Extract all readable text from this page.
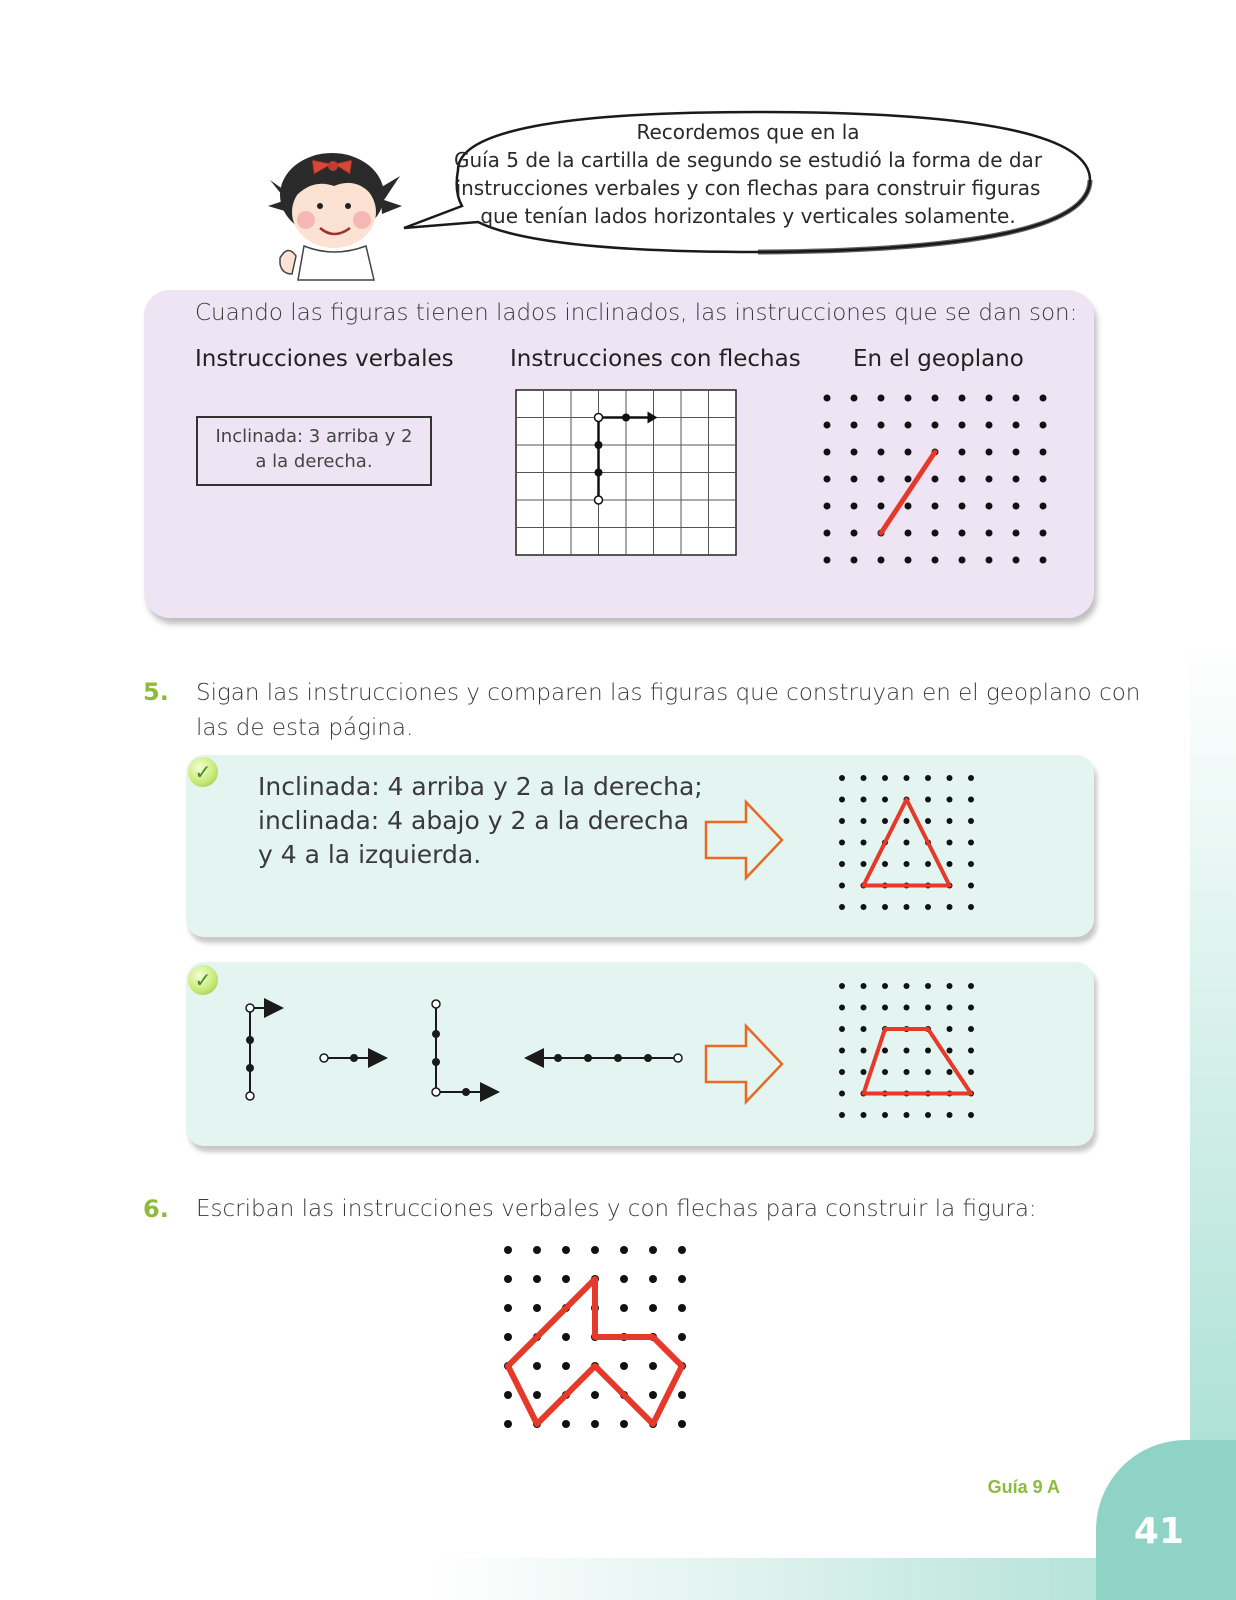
Recordemos que en la
Guía 5 de la cartilla de segundo se estudió la forma de dar
instrucciones verbales y con flechas para construir figuras
que tenían lados horizontales y verticales solamente.
Cuando las figuras tienen lados inclinados, las instrucciones que se dan son:
Instrucciones verbales Instrucciones con flechas En el geoplano
Inclinada: 3 arriba y 2
a la derecha.
5. Sigan las instrucciones y comparen las figuras que construyan en el geoplano con
las de esta página.
✓ Inclinada: 4 arriba y 2 a la derecha;
inclinada: 4 abajo y 2 a la derecha
y 4 a la izquierda.
✓
6. Escriban las instrucciones verbales y con flechas para construir la figura:
Guía 9 A
41
